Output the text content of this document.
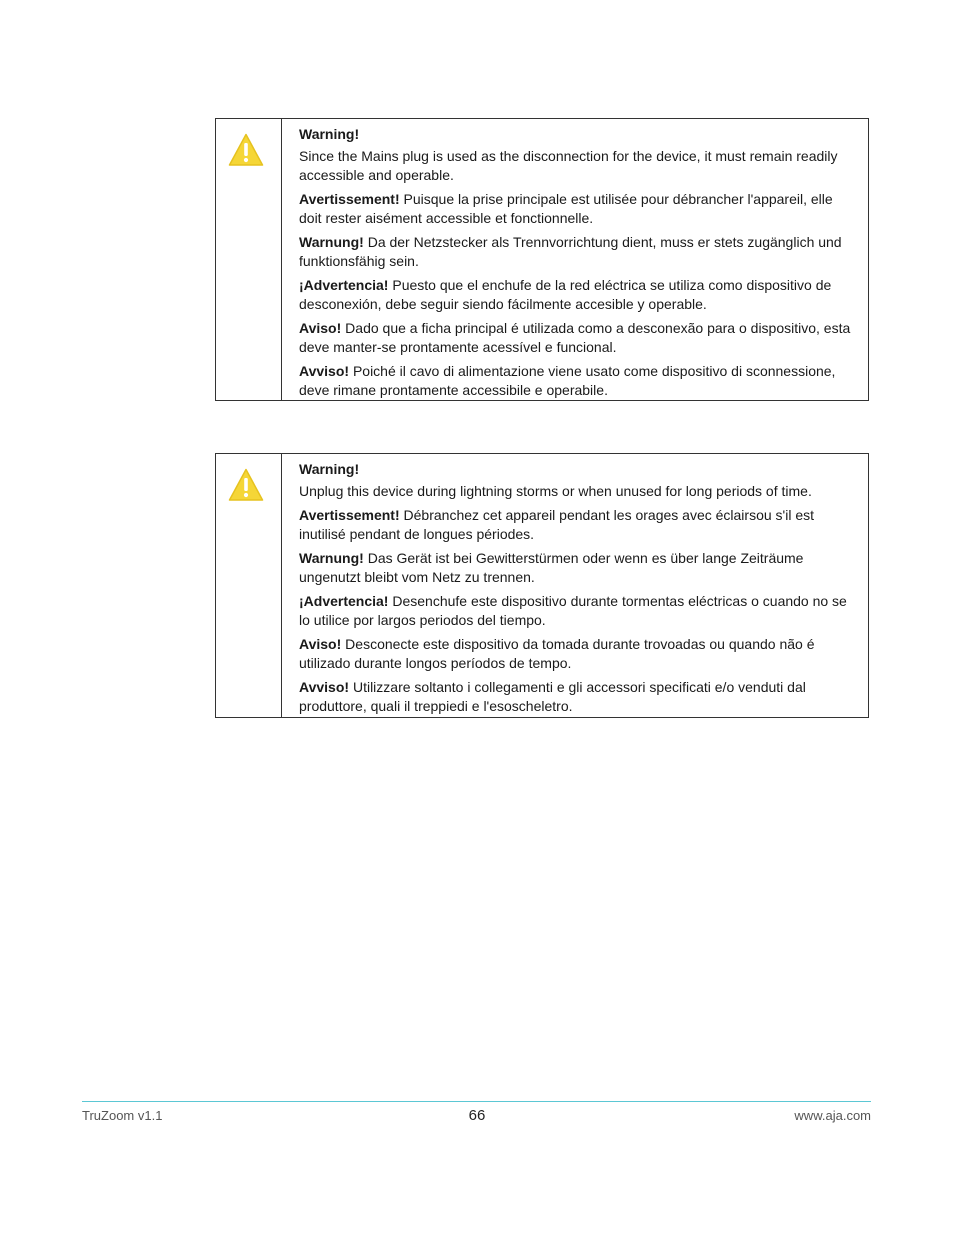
Warning!

Since the Mains plug is used as the disconnection for the device, it must remain readily accessible and operable.

Avertissement! Puisque la prise principale est utilisée pour débrancher l'appareil, elle doit rester aisément accessible et fonctionnelle.

Warnung! Da der Netzstecker als Trennvorrichtung dient, muss er stets zugänglich und funktionsfähig sein.

¡Advertencia! Puesto que el enchufe de la red eléctrica se utiliza como dispositivo de desconexión, debe seguir siendo fácilmente accesible y operable.

Aviso! Dado que a ficha principal é utilizada como a desconexão para o dispositivo, esta deve manter-se prontamente acessível e funcional.

Avviso! Poiché il cavo di alimentazione viene usato come dispositivo di sconnessione, deve rimane prontamente accessibile e operabile.

Warning!

Unplug this device during lightning storms or when unused for long periods of time.

Avertissement! Débranchez cet appareil pendant les orages avec éclairsou s'il est inutilisé pendant de longues périodes.

Warnung! Das Gerät ist bei Gewitterstürmen oder wenn es über lange Zeiträume ungenutzt bleibt vom Netz zu trennen.

¡Advertencia! Desenchufe este dispositivo durante tormentas eléctricas o cuando no se lo utilice por largos periodos del tiempo.

Aviso! Desconecte este dispositivo da tomada durante trovoadas ou quando não é utilizado durante longos períodos de tempo.

Avviso! Utilizzare soltanto i collegamenti e gli accessori specificati e/o venduti dal produttore, quali il treppiedi e l'esoscheletro.

TruZoom v1.1	66	www.aja.com
